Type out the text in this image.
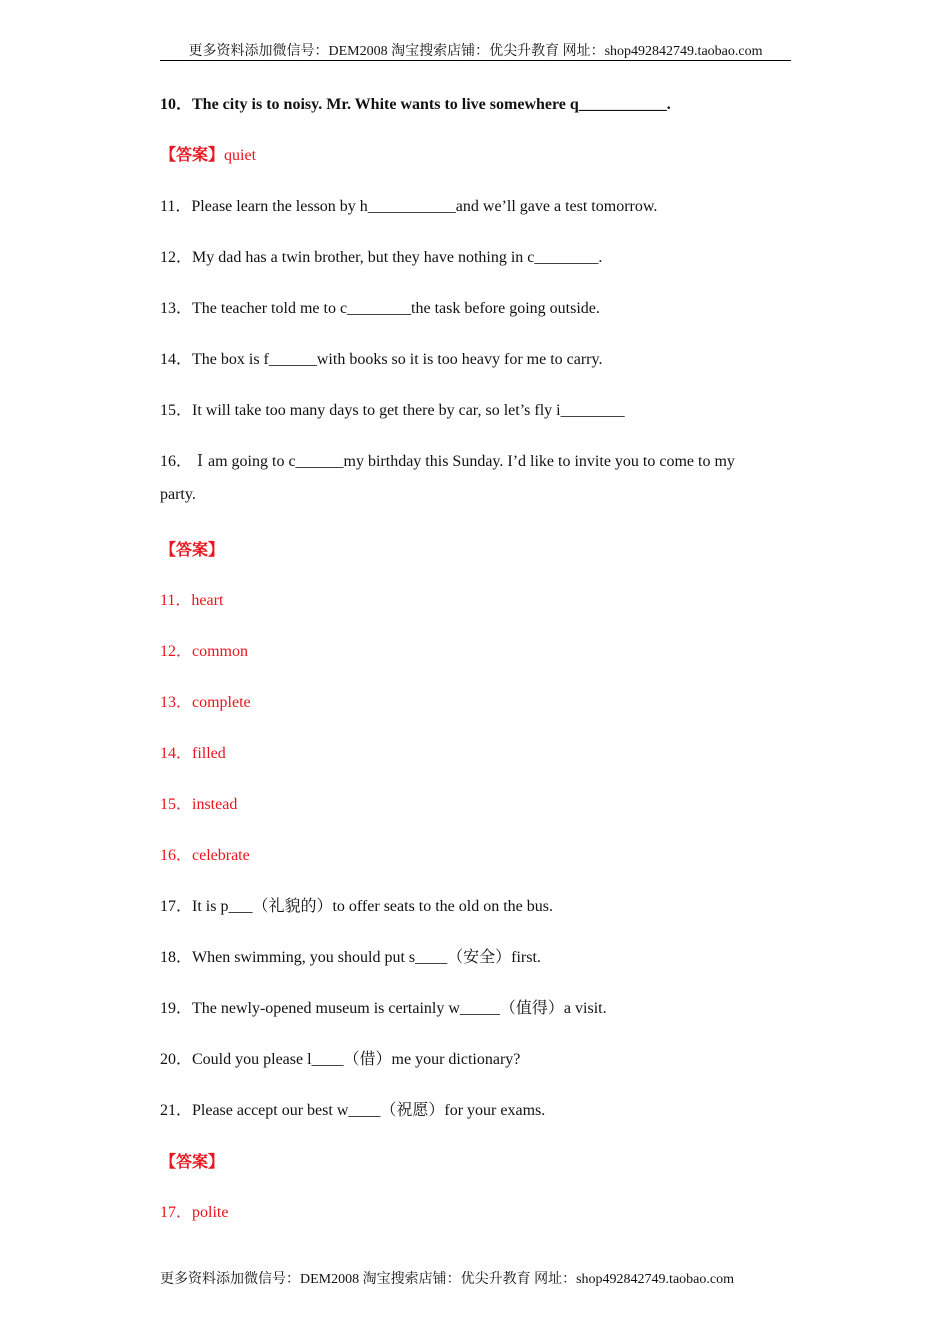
更多资料添加微信号：DEM2008 淘宝搜索店铺：优尖升教育 网址：shop492842749.taobao.com
10．The city is to noisy. Mr. White wants to live somewhere q___________.
【答案】quiet
11．Please learn the lesson by h___________and we’ll gave a test tomorrow.
12．My dad has a twin brother, but they have nothing in c________.
13．The teacher told me to c________the task before going outside.
14．The box is f______with books so it is too heavy for me to carry.
15．It will take too many days to get there by car, so let’s fly i________
16．Ｉam going to c______my birthday this Sunday. I’d like to invite you to come to my
party.
【答案】
11．heart
12．common
13．complete
14．filled
15．instead
16．celebrate
17．It is p___（礼貌的）to offer seats to the old on the bus.
18．When swimming, you should put s____（安全）first.
19．The newly-opened museum is certainly w_____（值得）a visit.
20．Could you please l____（借）me your dictionary?
21．Please accept our best w____（祝愿）for your exams.
【答案】
17．polite
更多资料添加微信号：DEM2008 淘宝搜索店铺：优尖升教育 网址：shop492842749.taobao.com
